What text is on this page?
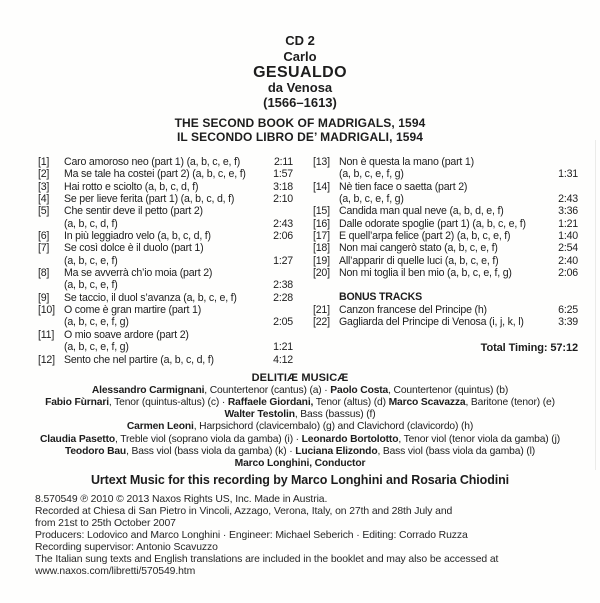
CD 2
Carlo
GESUALDO
da Venosa
(1566–1613)
THE SECOND BOOK OF MADRIGALS, 1594
IL SECONDO LIBRO DE’ MADRIGALI, 1594
[1]	Caro amoroso neo (part 1) (a, b, c, e, f)	2:11
[2]	Ma se tale ha costei (part 2) (a, b, c, e, f)	1:57
[3]	Hai rotto e sciolto (a, b, c, d, f)	3:18
[4]	Se per lieve ferita (part 1) (a, b, c, d, f)	2:10
[5]	Che sentir deve il petto (part 2)
(a, b, c, d, f)	2:43
[6]	In più leggiadro velo (a, b, c, d, f)	2:06
[7]	Se così dolce è il duolo (part 1)
(a, b, c, e, f)	1:27
[8]	Ma se avverrà ch’io moia (part 2)
(a, b, c, e, f)	2:38
[9]	Se taccio, il duol s’avanza (a, b, c, e, f)	2:28
[10] O come è gran martire (part 1)
(a, b, c, e, f, g)	2:05
[11] O mio soave ardore (part 2)
(a, b, c, e, f, g)	1:21
[12] Sento che nel partire (a, b, c, d, f)	4:12
[13] Non è questa la mano (part 1)
(a, b, c, e, f, g)	1:31
[14] Nè tien face o saetta (part 2)
(a, b, c, e, f, g)	2:43
[15] Candida man qual neve (a, b, d, e, f)	3:36
[16] Dalle odorate spoglie (part 1) (a, b, c, e, f)	1:21
[17] E quell’arpa felice (part 2) (a, b, c, e, f)	1:40
[18] Non mai cangerò stato (a, b, c, e, f)	2:54
[19] All’apparir di quelle luci (a, b, c, e, f)	2:40
[20] Non mi toglia il ben mio (a, b, c, e, f, g)	2:06
BONUS TRACKS
[21] Canzon francese del Principe (h)	6:25
[22] Gagliarda del Principe di Venosa (i, j, k, l)	3:39
Total Timing: 57:12
DELITIÆ MUSICÆ
Alessandro Carmignani, Countertenor (cantus) (a) · Paolo Costa, Countertenor (quintus) (b)
Fabio Fùrnari, Tenor (quintus-altus) (c) · Raffaele Giordani, Tenor (altus) (d) Marco Scavazza, Baritone (tenor) (e)
Walter Testolin, Bass (bassus) (f)
Carmen Leoni, Harpsichord (clavicembalo) (g) and Clavichord (clavicordo) (h)
Claudia Pasetto, Treble viol (soprano viola da gamba) (i) · Leonardo Bortolotto, Tenor viol (tenor viola da gamba) (j)
Teodoro Bau, Bass viol (bass viola da gamba) (k) · Luciana Elizondo, Bass viol (bass viola da gamba) (l)
Marco Longhini, Conductor
Urtext Music for this recording by Marco Longhini and Rosaria Chiodini
8.570549 ℗ 2010 © 2013 Naxos Rights US, Inc. Made in Austria.
Recorded at Chiesa di San Pietro in Vincoli, Azzago, Verona, Italy, on 27th and 28th July and
from 21st to 25th October 2007
Producers: Lodovico and Marco Longhini · Engineer: Michael Seberich · Editing: Corrado Ruzza
Recording supervisor: Antonio Scavuzzo
The Italian sung texts and English translations are included in the booklet and may also be accessed at
www.naxos.com/libretti/570549.htm
